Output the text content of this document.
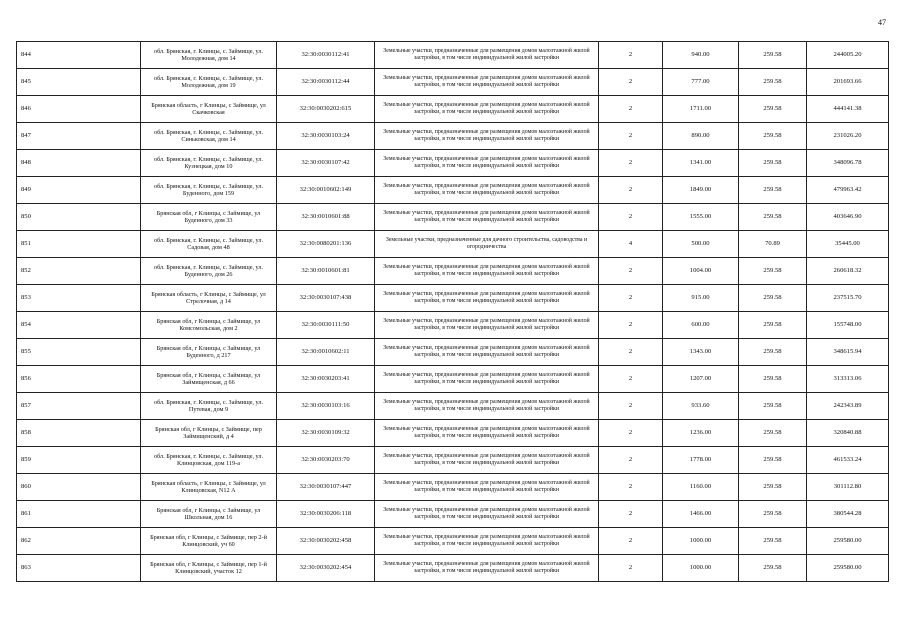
47
844	обл. Брянская, г. Клинцы, с. Займище, ул. Молодежная, дом 14	32:30:0030112:41	Земельные участки, предназначенные для размещения домов малоэтажной жилой застройки, в том числе индивидуальной жилой застройки	2	940.00	259.58	244005.20
845	обл. Брянская, г. Клинцы, с. Займище, ул. Молодежная, дом 19	32:30:0030112:44	Земельные участки, предназначенные для размещения домов малоэтажной жилой застройки, в том числе индивидуальной жилой застройки	2	777.00	259.58	201693.66
846	Брянская область, г Клинцы, с Займище, ул Скачковская	32:30:0030202:615	Земельные участки, предназначенные для размещения домов малоэтажной жилой застройки, в том числе индивидуальной жилой застройки	2	1711.00	259.58	444141.38
847	обл. Брянская, г. Клинцы, с. Займище, ул. Синьковская, дом 14	32:30:0030103:24	Земельные участки, предназначенные для размещения домов малоэтажной жилой застройки, в том числе индивидуальной жилой застройки	2	890.00	259.58	231026.20
848	обл. Брянская, г. Клинцы, с. Займище, ул. Кузнецкая, дом 10	32:30:0030107:42	Земельные участки, предназначенные для размещения домов малоэтажной жилой застройки, в том числе индивидуальной жилой застройки	2	1341.00	259.58	348096.78
849	обл. Брянская, г. Клинцы, с. Займище, ул. Буденного, дом 159	32:30:0010602:149	Земельные участки, предназначенные для размещения домов малоэтажной жилой застройки, в том числе индивидуальной жилой застройки	2	1849.00	259.58	479963.42
850	Брянская обл, г Клинцы, с Займище, ул Буденного, дом 33	32:30:0010601:88	Земельные участки, предназначенные для размещения домов малоэтажной жилой застройки, в том числе индивидуальной жилой застройки	2	1555.00	259.58	403646.90
851	обл. Брянская, г. Клинцы, с. Займище, ул. Садовая, дом 48	32:30:0080201:136	Земельные участки, предназначенные для дачного строительства, садоводства и огородничества	4	500.00	70.89	35445.00
852	обл. Брянская, г. Клинцы, с. Займище, ул. Буденного, дом 26	32:30:0010601:81	Земельные участки, предназначенные для размещения домов малоэтажной жилой застройки, в том числе индивидуальной жилой застройки	2	1004.00	259.58	260618.32
853	Брянская область, г Клинцы, с Займище, ул Стрелочная, д 14	32:30:0030107:438	Земельные участки, предназначенные для размещения домов малоэтажной жилой застройки, в том числе индивидуальной жилой застройки	2	915.00	259.58	237515.70
854	Брянская обл, г Клинцы, с Займище, ул Комсомольская, дом 2	32:30:0030111:50	Земельные участки, предназначенные для размещения домов малоэтажной жилой застройки, в том числе индивидуальной жилой застройки	2	600.00	259.58	155748.00
855	Брянская обл, г Клинцы, с Займище, ул Буденного, д 217	32:30:0010602:11	Земельные участки, предназначенные для размещения домов малоэтажной жилой застройки, в том числе индивидуальной жилой застройки	2	1343.00	259.58	348615.94
856	Брянская обл, г Клинцы, с Займище, ул Займищенская, д 66	32:30:0030203:41	Земельные участки, предназначенные для размещения домов малоэтажной жилой застройки, в том числе индивидуальной жилой застройки	2	1207.00	259.58	313313.06
857	обл. Брянская, г. Клинцы, с. Займище, ул. Путевая, дом 9	32:30:0030103:16	Земельные участки, предназначенные для размещения домов малоэтажной жилой застройки, в том числе индивидуальной жилой застройки	2	933.60	259.58	242343.89
858	Брянская обл, г Клинцы, с Займище, пер Займищенский, д 4	32:30:0030109:32	Земельные участки, предназначенные для размещения домов малоэтажной жилой застройки, в том числе индивидуальной жилой застройки	2	1236.00	259.58	320840.88
859	обл. Брянская, г. Клинцы, с. Займище, ул. Клинцовская, дом 119-а	32:30:0030203:70	Земельные участки, предназначенные для размещения домов малоэтажной жилой застройки, в том числе индивидуальной жилой застройки	2	1778.00	259.58	461533.24
860	Брянская область, г Клинцы, с Займище, ул Клинцовская, N12 А	32:30:0030107:447	Земельные участки, предназначенные для размещения домов малоэтажной жилой застройки, в том числе индивидуальной жилой застройки	2	1160.00	259.58	301112.80
861	Брянская обл, г Клинцы, с Займище, ул Школьная, дом 16	32:30:0030206:118	Земельные участки, предназначенные для размещения домов малоэтажной жилой застройки, в том числе индивидуальной жилой застройки	2	1466.00	259.58	380544.28
862	Брянская обл, г Клинцы, с Займище, пер 2-й Клинцовский, уч 60	32:30:0030202:458	Земельные участки, предназначенные для размещения домов малоэтажной жилой застройки, в том числе индивидуальной жилой застройки	2	1000.00	259.58	259580.00
863	Брянская обл, г Клинцы, с Займище, пер 1-й Клинцовский, участок 12	32:30:0030202:454	Земельные участки, предназначенные для размещения домов малоэтажной жилой застройки, в том числе индивидуальной жилой застройки	2	1000.00	259.58	259580.00
